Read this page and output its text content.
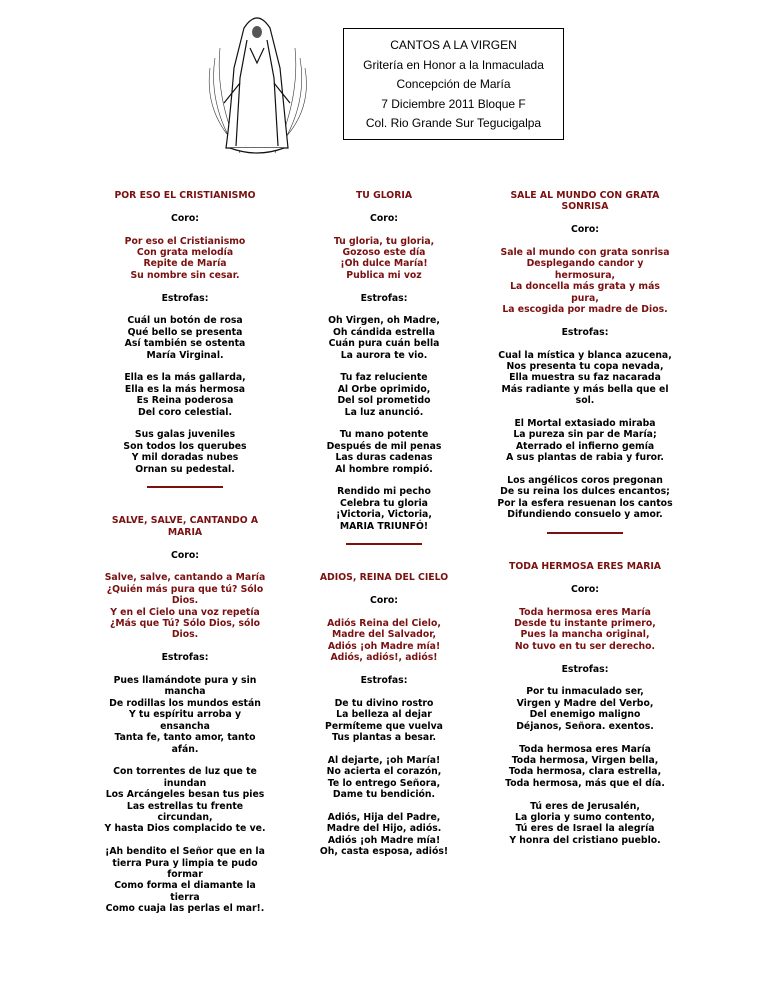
CANTOS A LA VIRGEN
Gritería en Honor a la Inmaculada
Concepción de María
7 Diciembre 2011 Bloque F
Col. Rio Grande Sur Tegucigalpa
POR ESO EL CRISTIANISMO
Coro:
Por eso el Cristianismo
Con grata melodía
Repite de María
Su nombre sin cesar.
Estrofas:
Cuál un botón de rosa
Qué bello se presenta
Así también se ostenta
María Virginal.
Ella es la más gallarda,
Ella es la más hermosa
Es Reina poderosa
Del coro celestial.
Sus galas juveniles
Son todos los querubes
Y mil doradas nubes
Ornan su pedestal.
SALVE, SALVE, CANTANDO A MARIA
Coro:
Salve, salve, cantando a María
¿Quién más pura que tú? Sólo Dios.
Y en el Cielo una voz repetía
¿Más que Tú? Sólo Dios, sólo Dios.
Estrofas:
Pues llamándote pura y sin mancha
De rodillas los mundos están
Y tu espíritu arroba y ensancha
Tanta fe, tanto amor, tanto afán.
Con torrentes de luz que te inundan
Los Arcángeles besan tus pies
Las estrellas tu frente circundan,
Y hasta Dios complacido te ve.
¡Ah bendito el Señor que en la tierra Pura y limpia te pudo formar
Como forma el diamante la tierra
Como cuaja las perlas el mar!.
TU GLORIA
Coro:
Tu gloria, tu gloria,
Gozoso este día
¡Oh dulce María!
Publica mi voz
Estrofas:
Oh Virgen, oh Madre,
Oh cándida estrella
Cuán pura cuán bella
La aurora te vio.
Tu faz reluciente
Al Orbe oprimido,
Del sol prometido
La luz anunció.
Tu mano potente
Después de mil penas
Las duras cadenas
Al hombre rompió.
Rendido mi pecho
Celebra tu gloria
¡Victoria, Victoria,
MARIA TRIUNFÓ!
ADIOS, REINA DEL CIELO
Coro:
Adiós Reina del Cielo,
Madre del Salvador,
Adiós ¡oh Madre mía!
Adiós, adiós!, adiós!
Estrofas:
De tu divino rostro
La belleza al dejar
Permíteme que vuelva
Tus plantas a besar.
Al dejarte, ¡oh María!
No acierta el corazón,
Te lo entrego Señora,
Dame tu bendición.
Adiós, Hija del Padre,
Madre del Hijo, adiós.
Adiós ¡oh Madre mía!
Oh, casta esposa, adiós!
SALE AL MUNDO CON GRATA SONRISA
Coro:
Sale al mundo con grata sonrisa
Desplegando candor y hermosura,
La doncella más grata y más pura,
La escogida por madre de Dios.
Estrofas:
Cual la mística y blanca azucena,
Nos presenta tu copa nevada,
Ella muestra su faz nacarada
Más radiante y más bella que el sol.
El Mortal extasiado miraba
La pureza sin par de María;
Aterrado el infierno gemía
A sus plantas de rabia y furor.
Los angélicos coros pregonan
De su reina los dulces encantos;
Por la esfera resuenan los cantos
Difundiendo consuelo y amor.
TODA HERMOSA ERES MARIA
Coro:
Toda hermosa eres María
Desde tu instante primero,
Pues la mancha original,
No tuvo en tu ser derecho.
Estrofas:
Por tu inmaculado ser,
Virgen y Madre del Verbo,
Del enemigo maligno
Déjanos, Señora. exentos.
Toda hermosa eres María
Toda hermosa, Virgen bella,
Toda hermosa, clara estrella,
Toda hermosa, más que el día.
Tú eres de Jerusalén,
La gloria y sumo contento,
Tú eres de Israel la alegría
Y honra del cristiano pueblo.
